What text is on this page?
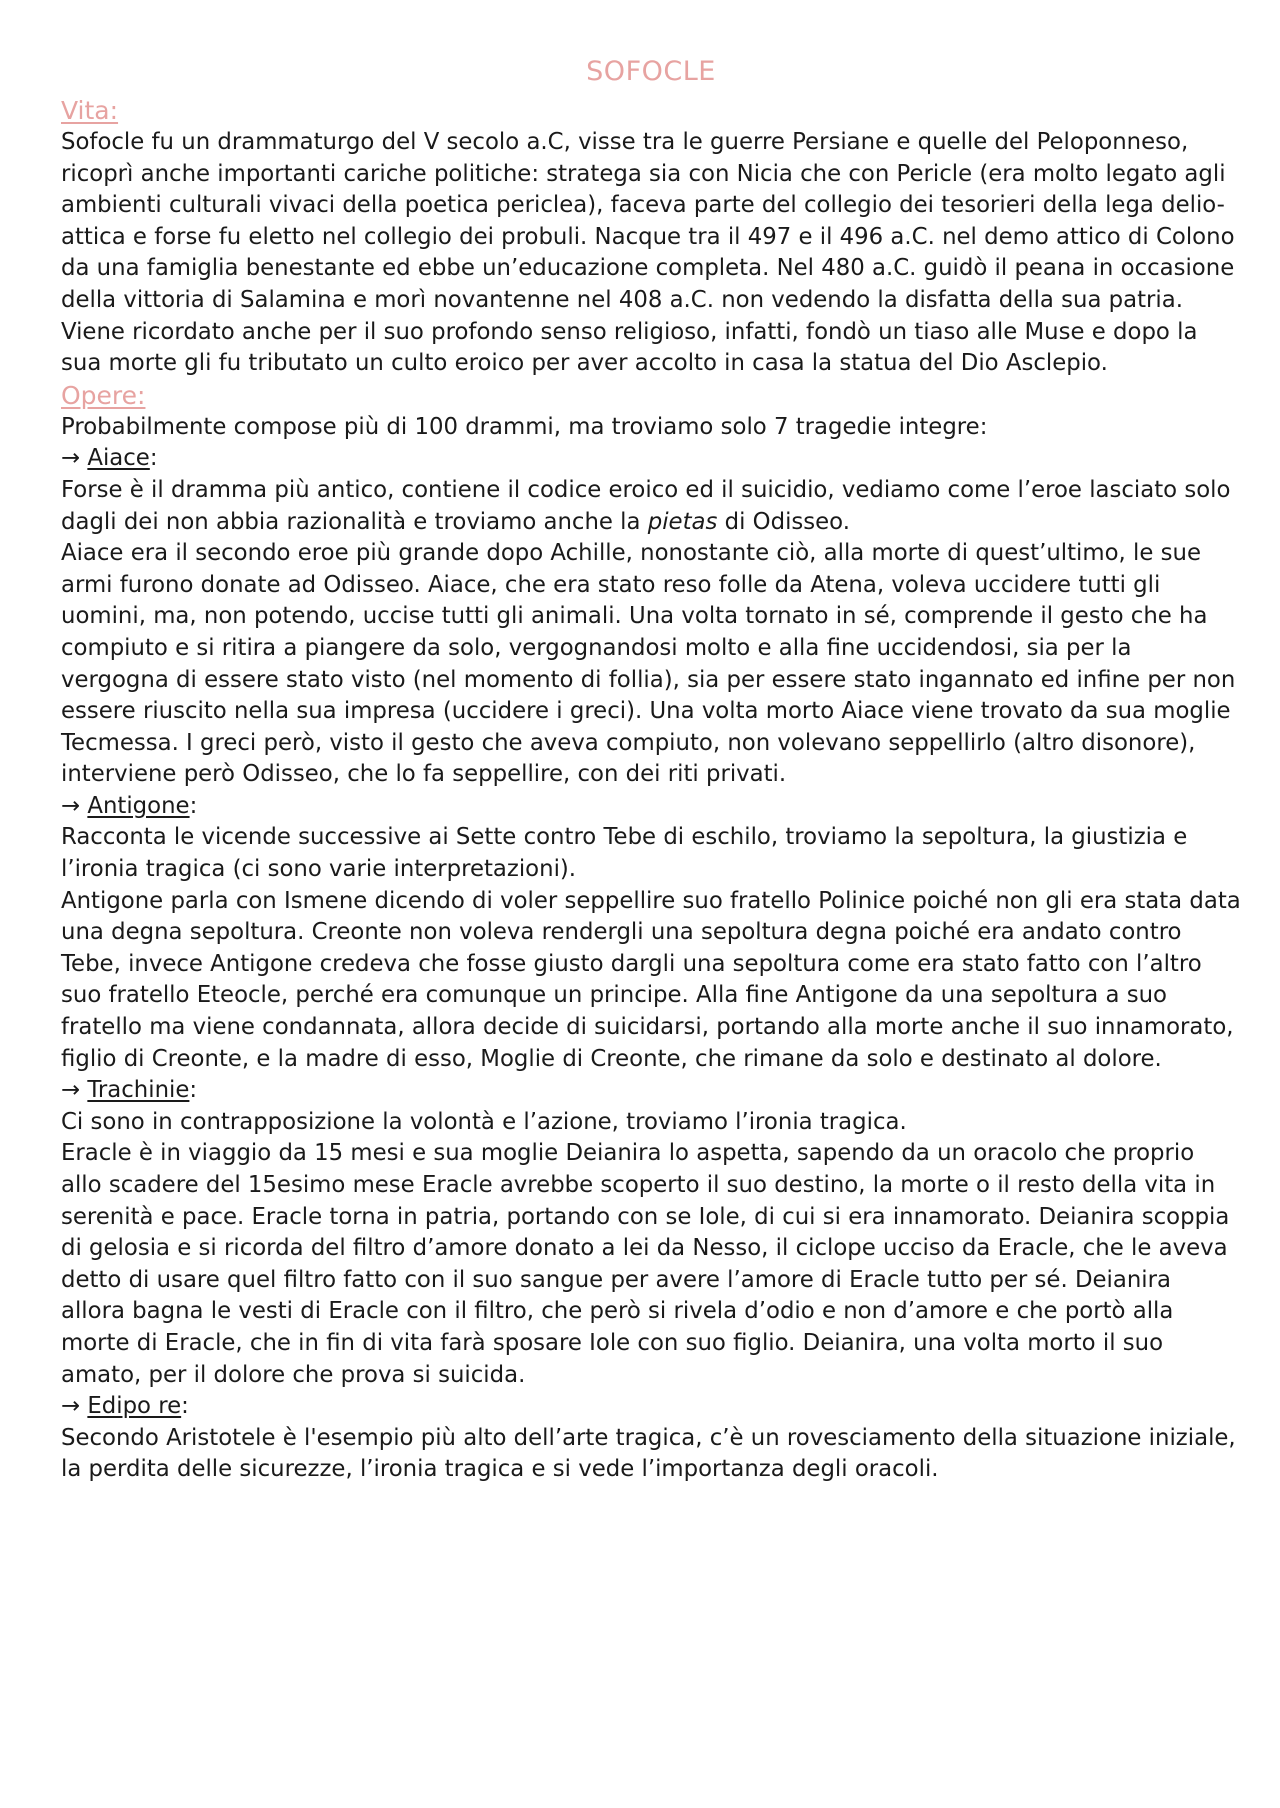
SOFOCLE
Vita:

Sofocle fu un drammaturgo del V secolo a.C, visse tra le guerre Persiane e quelle del Peloponneso, ricoprì anche importanti cariche politiche: stratega sia con Nicia che con Pericle (era molto legato agli ambienti culturali vivaci della poetica periclea), faceva parte del collegio dei tesorieri della lega delio-attica e forse fu eletto nel collegio dei probuli. Nacque tra il 497 e il 496 a.C. nel demo attico di Colono da una famiglia benestante ed ebbe un’educazione completa. Nel 480 a.C. guidò il peana in occasione della vittoria di Salamina e morì novantenne nel 408 a.C. non vedendo la disfatta della sua patria.

Viene ricordato anche per il suo profondo senso religioso, infatti, fondò un tiaso alle Muse e dopo la sua morte gli fu tributato un culto eroico per aver accolto in casa la statua del Dio Asclepio.

Opere:

Probabilmente compose più di 100 drammi, ma troviamo solo 7 tragedie integre:

→ Aiace:

Forse è il dramma più antico, contiene il codice eroico ed il suicidio, vediamo come l’eroe lasciato solo dagli dei non abbia razionalità e troviamo anche la pietas di Odisseo.

Aiace era il secondo eroe più grande dopo Achille, nonostante ciò, alla morte di quest’ultimo, le sue armi furono donate ad Odisseo. Aiace, che era stato reso folle da Atena, voleva uccidere tutti gli uomini, ma, non potendo, uccise tutti gli animali. Una volta tornato in sé, comprende il gesto che ha compiuto e si ritira a piangere da solo, vergognandosi molto e alla fine uccidendosi, sia per la vergogna di essere stato visto (nel momento di follia), sia per essere stato ingannato ed infine per non essere riuscito nella sua impresa (uccidere i greci). Una volta morto Aiace viene trovato da sua moglie Tecmessa. I greci però, visto il gesto che aveva compiuto, non volevano seppellirlo (altro disonore), interviene però Odisseo, che lo fa seppellire, con dei riti privati.

→ Antigone:

Racconta le vicende successive ai Sette contro Tebe di eschilo, troviamo la sepoltura, la giustizia e l’ironia tragica (ci sono varie interpretazioni).

Antigone parla con Ismene dicendo di voler seppellire suo fratello Polinice poiché non gli era stata data una degna sepoltura. Creonte non voleva rendergli una sepoltura degna poiché era andato contro Tebe, invece Antigone credeva che fosse giusto dargli una sepoltura come era stato fatto con l’altro suo fratello Eteocle, perché era comunque un principe. Alla fine Antigone da una sepoltura a suo fratello ma viene condannata, allora decide di suicidarsi, portando alla morte anche il suo innamorato, figlio di Creonte, e la madre di esso, Moglie di Creonte, che rimane da solo e destinato al dolore.

→ Trachinie:

Ci sono in contrapposizione la volontà e l’azione, troviamo l’ironia tragica.

Eracle è in viaggio da 15 mesi e sua moglie Deianira lo aspetta, sapendo da un oracolo che proprio allo scadere del 15esimo mese Eracle avrebbe scoperto il suo destino, la morte o il resto della vita in serenità e pace. Eracle torna in patria, portando con se Iole, di cui si era innamorato. Deianira scoppia di gelosia e si ricorda del filtro d’amore donato a lei da Nesso, il ciclope ucciso da Eracle, che le aveva detto di usare quel filtro fatto con il suo sangue per avere l’amore di Eracle tutto per sé. Deianira allora bagna le vesti di Eracle con il filtro, che però si rivela d’odio e non d’amore e che portò alla morte di Eracle, che in fin di vita farà sposare Iole con suo figlio. Deianira, una volta morto il suo amato, per il dolore che prova si suicida.

→ Edipo re:

Secondo Aristotele è l'esempio più alto dell’arte tragica, c’è un rovesciamento della situazione iniziale, la perdita delle sicurezze, l’ironia tragica e si vede l’importanza degli oracoli.
